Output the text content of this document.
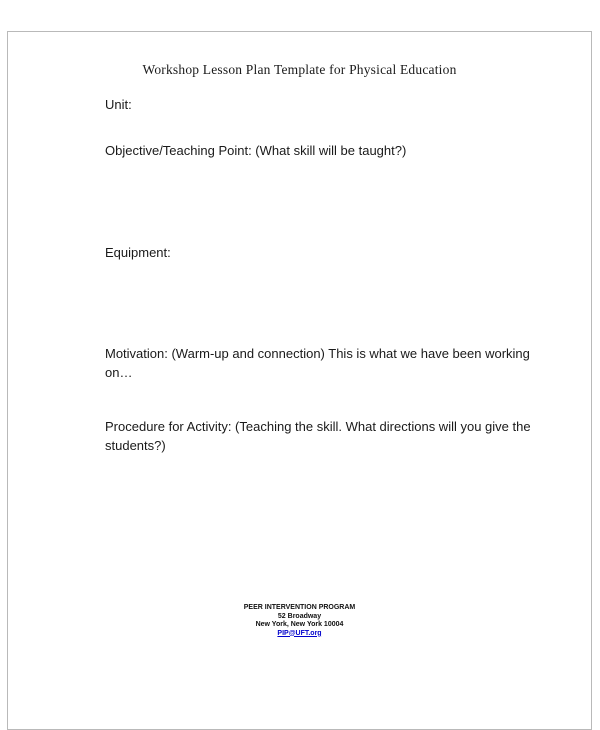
Workshop Lesson Plan Template for Physical Education
Unit:
Objective/Teaching Point: (What skill will be taught?)
Equipment:
Motivation: (Warm-up and connection) This is what we have been working on…
Procedure for Activity: (Teaching the skill. What directions will you give the students?)
PEER INTERVENTION PROGRAM
52 Broadway
New York, New York 10004
PIP@UFT.org
